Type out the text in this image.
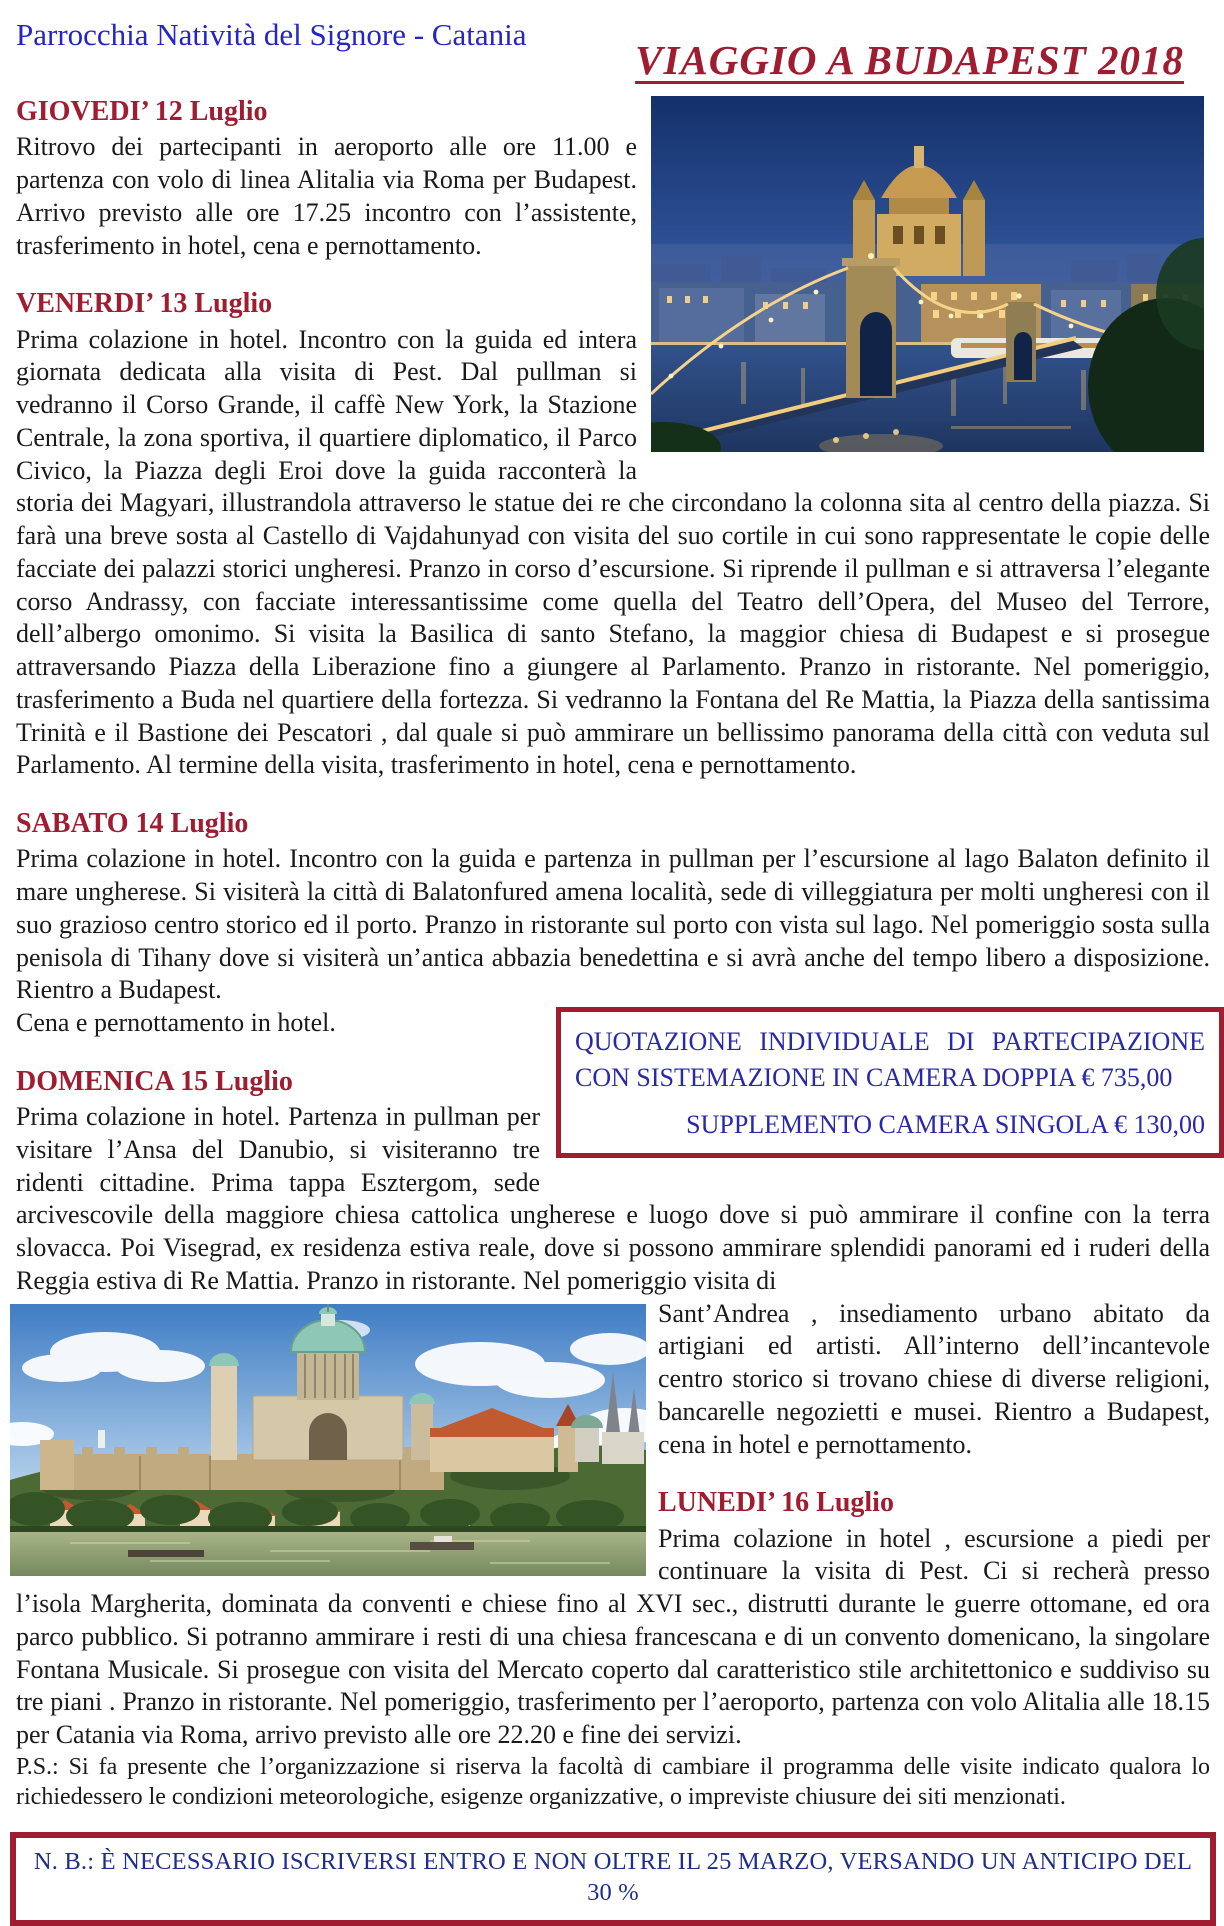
Parrocchia Natività del Signore - Catania
VIAGGIO A BUDAPEST 2018
GIOVEDI’ 12 Luglio

Ritrovo dei partecipanti in aeroporto alle ore 11.00 e partenza con volo di linea Alitalia via Roma per Budapest. Arrivo previsto alle ore 17.25 incontro con l’assistente, trasferimento in hotel, cena e pernottamento.

VENERDI’ 13 Luglio

Prima colazione in hotel. Incontro con la guida ed intera giornata dedicata alla visita di Pest. Dal pullman si vedranno il Corso Grande, il caffè New York, la Stazione Centrale, la zona sportiva, il quartiere diplomatico, il Parco Civico, la Piazza degli Eroi dove la guida racconterà la storia dei Magyari, illustrandola attraverso le statue dei re che circondano la colonna sita al centro della piazza. Si farà una breve sosta al Castello di Vajdahunyad con visita del suo cortile in cui sono rappresentate le copie delle facciate dei palazzi storici ungheresi. Pranzo in corso d’escursione. Si riprende il pullman e si attraversa l’elegante corso Andrassy, con facciate interessantissime come quella del Teatro dell’Opera, del Museo del Terrore, dell’albergo omonimo. Si visita la Basilica di santo Stefano, la maggior chiesa di Budapest e si prosegue attraversando Piazza della Liberazione fino a giungere al Parlamento. Pranzo in ristorante. Nel pomeriggio, trasferimento a Buda nel quartiere della fortezza. Si vedranno la Fontana del Re Mattia, la Piazza della santissima Trinità e il Bastione dei Pescatori , dal quale si può ammirare un bellissimo panorama della città con veduta sul Parlamento. Al termine della visita, trasferimento in hotel, cena e pernottamento.

SABATO 14 Luglio

Prima colazione in hotel. Incontro con la guida e partenza in pullman per l’escursione al lago Balaton definito il mare ungherese. Si visiterà la città di Balatonfured amena località, sede di villeggiatura per molti ungheresi con il suo grazioso centro storico ed il porto. Pranzo in ristorante sul porto con vista sul lago. Nel pomeriggio sosta sulla penisola di Tihany dove si visiterà un’antica abbazia benedettina e si avrà anche del tempo libero a disposizione. Rientro a Budapest.

QUOTAZIONE INDIVIDUALE DI PARTECIPAZIONE CON SISTEMAZIONE IN CAMERA DOPPIA € 735,00

SUPPLEMENTO CAMERA SINGOLA € 130,00

Cena e pernottamento in hotel.

DOMENICA 15 Luglio

Prima colazione in hotel. Partenza in pullman per visitare l’Ansa del Danubio, si visiteranno tre ridenti cittadine. Prima tappa Esztergom, sede arcivescovile della maggiore chiesa cattolica ungherese e luogo dove si può ammirare il confine con la terra slovacca. Poi Visegrad, ex residenza estiva reale, dove si possono ammirare splendidi panorami ed i ruderi della Reggia estiva di Re Mattia. Pranzo in ristorante. Nel pomeriggio visita di

Sant’Andrea , insediamento urbano abitato da artigiani ed artisti. All’interno dell’incantevole centro storico si trovano chiese di diverse religioni, bancarelle negozietti e musei. Rientro a Budapest, cena in hotel e pernottamento.

LUNEDI’ 16 Luglio

Prima colazione in hotel , escursione a piedi per continuare la visita di Pest. Ci si recherà presso l’isola Margherita, dominata da conventi e chiese fino al XVI sec., distrutti durante le guerre ottomane, ed ora parco pubblico. Si potranno ammirare i resti di una chiesa francescana e di un convento domenicano, la singolare Fontana Musicale. Si prosegue con visita del Mercato coperto dal caratteristico stile architettonico e suddiviso su tre piani . Pranzo in ristorante. Nel pomeriggio, trasferimento per l’aeroporto, partenza con volo Alitalia alle 18.15 per Catania via Roma, arrivo previsto alle ore 22.20 e fine dei servizi.

P.S.: Si fa presente che l’organizzazione si riserva la facoltà di cambiare il programma delle visite indicato qualora lo richiedessero le condizioni meteorologiche, esigenze organizzative, o impreviste chiusure dei siti menzionati.

N. B.: È NECESSARIO ISCRIVERSI ENTRO E NON OLTRE IL 25 MARZO, VERSANDO UN ANTICIPO DEL 30 %
